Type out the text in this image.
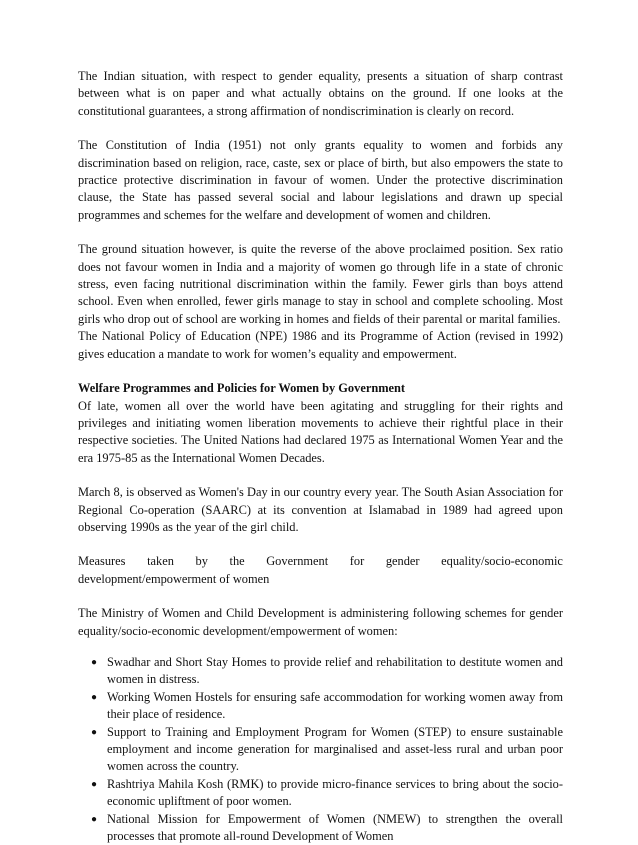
The Indian situation, with respect to gender equality, presents a situation of sharp contrast between what is on paper and what actually obtains on the ground. If one looks at the constitutional guarantees, a strong affirmation of nondiscrimination is clearly on record.

The Constitution of India (1951) not only grants equality to women and forbids any discrimination based on religion, race, caste, sex or place of birth, but also empowers the state to practice protective discrimination in favour of women. Under the protective discrimination clause, the State has passed several social and labour legislations and drawn up special programmes and schemes for the welfare and development of women and children.

The ground situation however, is quite the reverse of the above proclaimed position. Sex ratio does not favour women in India and a majority of women go through life in a state of chronic stress, even facing nutritional discrimination within the family. Fewer girls than boys attend school. Even when enrolled, fewer girls manage to stay in school and complete schooling. Most girls who drop out of school are working in homes and fields of their parental or marital families.

The National Policy of Education (NPE) 1986 and its Programme of Action (revised in 1992) gives education a mandate to work for women’s equality and empowerment.

Welfare Programmes and Policies for Women by Government

Of late, women all over the world have been agitating and struggling for their rights and privileges and initiating women liberation movements to achieve their rightful place in their respective societies. The United Nations had declared 1975 as International Women Year and the era 1975-85 as the International Women Decades.

March 8, is observed as Women's Day in our country every year. The South Asian Association for Regional Co-operation (SAARC) at its convention at Islamabad in 1989 had agreed upon observing 1990s as the year of the girl child.

Measures taken by the Government for gender equality/socio-economic

development/empowerment of women

The Ministry of Women and Child Development is administering following schemes for gender equality/socio-economic development/empowerment of women:

● Swadhar and Short Stay Homes to provide relief and rehabilitation to destitute women and women in distress.
● Working Women Hostels for ensuring safe accommodation for working women away from their place of residence.
● Support to Training and Employment Program for Women (STEP) to ensure sustainable employment and income generation for marginalised and asset-less rural and urban poor women across the country.
● Rashtriya Mahila Kosh (RMK) to provide micro-finance services to bring about the socio-economic upliftment of poor women.
● National Mission for Empowerment of Women (NMEW) to strengthen the overall processes that promote all-round Development of Women
